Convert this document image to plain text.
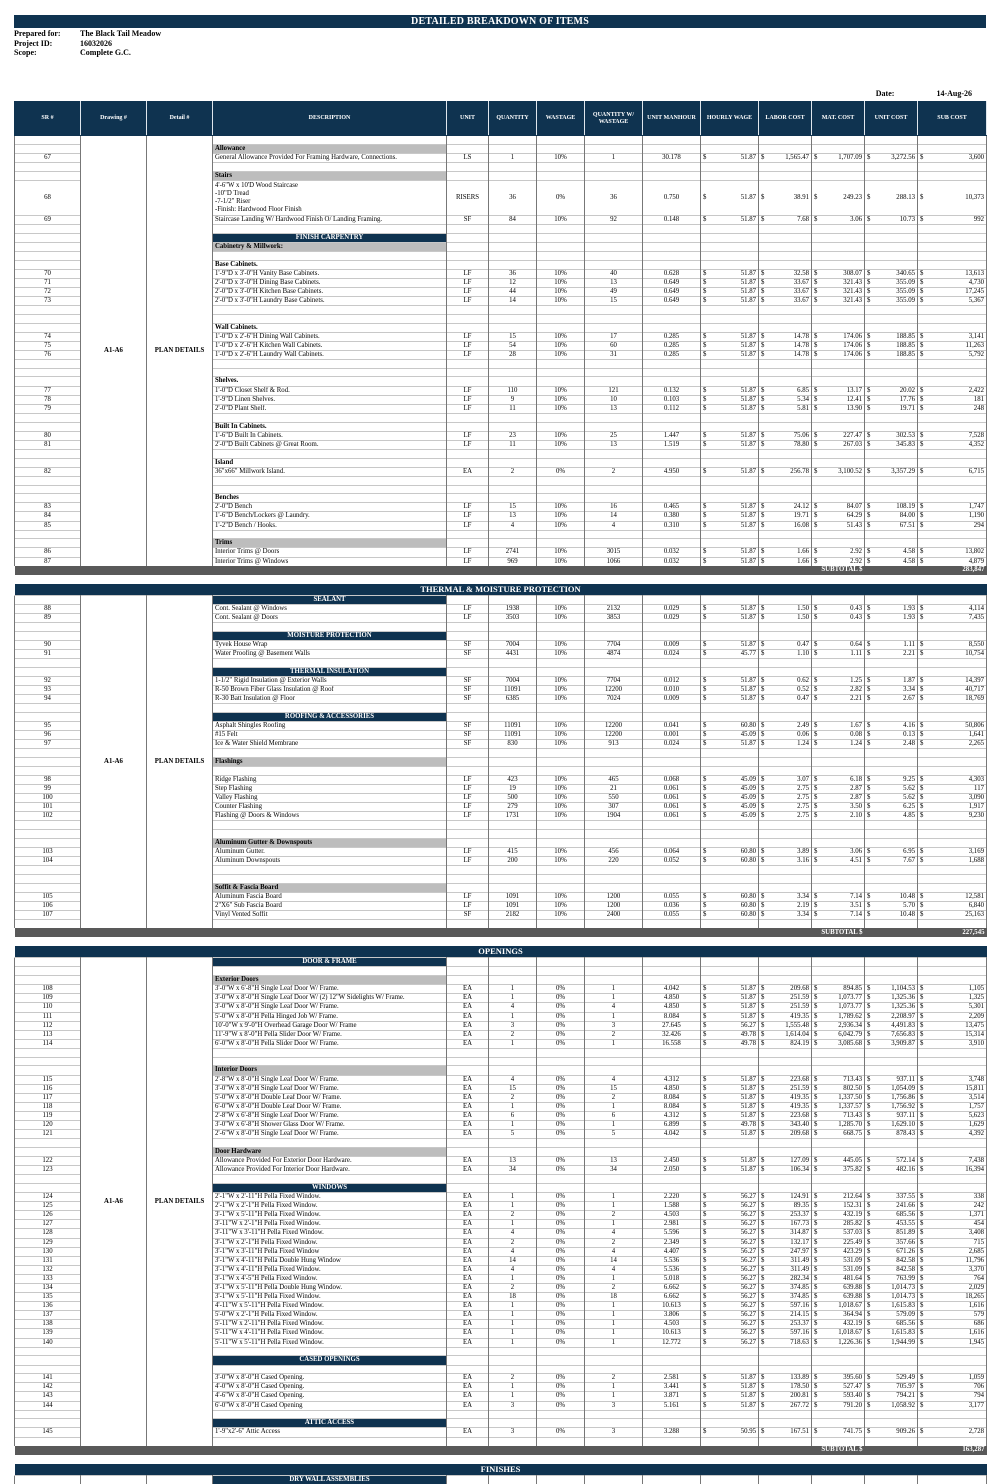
DETAILED BREAKDOWN OF ITEMS
Prepared for:	The Black Tail Meadow
Project ID:	16032026
Scope:	Complete G.C.
Date:	14-Aug-26
SR #	Drawing #	Detail #	DESCRIPTION	UNIT	QUANTITY	WASTAGE	QUANTITY W/ WASTAGE	UNIT MANHOUR	HOURLY WAGE	LABOR COST	MAT. COST	UNIT COST	SUB COST
	A1-A6	PLAN DETAILS											
			Allowance										
67			General Allowance Provided For Framing Hardware, Connections.	LS	1	10%	1	30.178	$ 51.87	$ 1,565.47	$ 1,707.09	$ 3,272.56	$ 3,600

			Stairs										
68			4'-6"W x 10'D Wood Staircase
-10"D Tread
-7-1/2" Riser
-Finish: Hardwood Floor Finish	RISERS	36	0%	36	0.750	$ 51.87	$ 38.91	$ 249.23	$ 288.13	$ 10,373

69			Staircase Landing W/ Hardwood Finish O/ Landing Framing.	SF	84	10%	92	0.148	$ 51.87	$ 7.68	$ 3.06	$ 10.73	$ 992

			FINISH CARPENTRY										
			Cabinetry & Millwork:										

			Base Cabinets.										
70			1'-9"D x 3'-0"H Vanity Base Cabinets.	LF	36	10%	40	0.628	$ 51.87	$ 32.58	$ 308.07	$ 340.65	$ 13,613

71			2'-0"D x 3'-0"H Dining Base Cabinets.	LF	12	10%	13	0.649	$ 51.87	$ 33.67	$ 321.43	$ 355.09	$ 4,730

72			2'-0"D x 3'-0"H Kitchen Base Cabinets.	LF	44	10%	49	0.649	$ 51.87	$ 33.67	$ 321.43	$ 355.09	$ 17,245

73			2'-0"D x 3'-0"H Laundry Base Cabinets.	LF	14	10%	15	0.649	$ 51.87	$ 33.67	$ 321.43	$ 355.09	$ 5,367

			Wall Cabinets.										
74			1'-0"D x 2'-6"H Dining Wall Cabinets.	LF	15	10%	17	0.285	$ 51.87	$ 14.78	$ 174.06	$ 188.85	$ 3,141

75			1'-0"D x 2'-6"H Kitchen Wall Cabinets.	LF	54	10%	60	0.285	$ 51.87	$ 14.78	$ 174.06	$ 188.85	$ 11,263

76			1'-0"D x 2'-6"H Laundry Wall Cabinets.	LF	28	10%	31	0.285	$ 51.87	$ 14.78	$ 174.06	$ 188.85	$ 5,792

			Shelves.										
77			1'-0"D Closet Shelf & Rod.	LF	110	10%	121	0.132	$ 51.87	$ 6.85	$ 13.17	$ 20.02	$ 2,422

78			1'-9"D Linen Shelves.	LF	9	10%	10	0.103	$ 51.87	$ 5.34	$ 12.41	$ 17.76	$ 181

79			2'-0"D Plant Shelf.	LF	11	10%	13	0.112	$ 51.87	$ 5.81	$ 13.90	$ 19.71	$ 248

			Built In Cabinets.										
80			1'-6"D Built In Cabinets.	LF	23	10%	25	1.447	$ 51.87	$ 75.06	$ 227.47	$ 302.53	$ 7,528

81			2'-0"D Built Cabinets @ Great Room.	LF	11	10%	13	1.519	$ 51.87	$ 78.80	$ 267.03	$ 345.83	$ 4,352

			Island										
82			36"x66" Millwork Island.	EA	2	0%	2	4.950	$ 51.87	$ 256.78	$ 3,100.52	$ 3,357.29	$ 6,715

			Benches										
83			2'-0"D Bench	LF	15	10%	16	0.465	$ 51.87	$ 24.12	$ 84.07	$ 108.19	$ 1,747

84			1'-6"D Bench/Lockers @ Laundry.	LF	13	10%	14	0.380	$ 51.87	$ 19.71	$ 64.29	$ 84.00	$ 1,190

85			1'-2"D Bench / Hooks.	LF	4	10%	4	0.310	$ 51.87	$ 16.08	$ 51.43	$ 67.51	$ 294

			Trims										
86			Interior Trims @ Doors	LF	2741	10%	3015	0.032	$ 51.87	$ 1.66	$ 2.92	$ 4.58	$ 13,802

87			Interior Trims @ Windows	LF	969	10%	1066	0.032	$ 51.87	$ 1.66	$ 2.92	$ 4.58	$ 4,879

SUBTOTAL $												283,847	

THERMAL & MOISTURE PROTECTION													
	A1-A6	PLAN DETAILS	SEALANT										
88			Cont. Sealant @ Windows	LF	1938	10%	2132	0.029	$ 51.87	$ 1.50	$ 0.43	$ 1.93	$ 4,114

89			Cont. Sealant @ Doors	LF	3503	10%	3853	0.029	$ 51.87	$ 1.50	$ 0.43	$ 1.93	$ 7,435

			MOISTURE PROTECTION										
90			Tyvek House Wrap	SF	7004	10%	7704	0.009	$ 51.87	$ 0.47	$ 0.64	$ 1.11	$ 8,550

91			Water Proofing @ Basement Walls	SF	4431	10%	4874	0.024	$ 45.77	$ 1.10	$ 1.11	$ 2.21	$ 10,754

			THERMAL INSULATION										
92			1-1/2" Rigid Insulation @ Exterior Walls	SF	7004	10%	7704	0.012	$ 51.87	$ 0.62	$ 1.25	$ 1.87	$ 14,397

93			R-50 Brown Fiber Glass Insulation @ Roof	SF	11091	10%	12200	0.010	$ 51.87	$ 0.52	$ 2.82	$ 3.34	$ 40,717

94			R-30 Batt Insulation @ Floor	SF	6385	10%	7024	0.009	$ 51.87	$ 0.47	$ 2.21	$ 2.67	$ 18,769

			ROOFING & ACCESSORIES										
95			Asphalt Shingles Roofing	SF	11091	10%	12200	0.041	$ 60.80	$ 2.49	$ 1.67	$ 4.16	$ 50,806

96			#15 Felt	SF	11091	10%	12200	0.001	$ 45.09	$ 0.06	$ 0.08	$ 0.13	$ 1,641

97			Ice & Water Shield Membrane	SF	830	10%	913	0.024	$ 51.87	$ 1.24	$ 1.24	$ 2.48	$ 2,265

			Flashings										

98			Ridge Flashing	LF	423	10%	465	0.068	$ 45.09	$ 3.07	$ 6.18	$ 9.25	$ 4,303

99			Step Flashing	LF	19	10%	21	0.061	$ 45.09	$ 2.75	$ 2.87	$ 5.62	$ 117

100			Valley Flashing	LF	500	10%	550	0.061	$ 45.09	$ 2.75	$ 2.87	$ 5.62	$ 3,090

101			Counter Flashing	LF	279	10%	307	0.061	$ 45.09	$ 2.75	$ 3.50	$ 6.25	$ 1,917

102			Flashing @ Doors & Windows	LF	1731	10%	1904	0.061	$ 45.09	$ 2.75	$ 2.10	$ 4.85	$ 9,230

			Aluminum Gutter & Downspouts										
103			Aluminum Gutter.	LF	415	10%	456	0.064	$ 60.80	$ 3.89	$ 3.06	$ 6.95	$ 3,169

104			Aluminum Downspouts	LF	200	10%	220	0.052	$ 60.80	$ 3.16	$ 4.51	$ 7.67	$ 1,688

			Soffit & Fascia Board										
105			Aluminum Fascia Board	LF	1091	10%	1200	0.055	$ 60.80	$ 3.34	$ 7.14	$ 10.48	$ 12,581

106			2"X6" Sub Fascia Board	LF	1091	10%	1200	0.036	$ 60.80	$ 2.19	$ 3.51	$ 5.70	$ 6,840

107			Vinyl Vented Soffit	SF	2182	10%	2400	0.055	$ 60.80	$ 3.34	$ 7.14	$ 10.48	$ 25,163

SUBTOTAL $												227,545	

OPENINGS													
	A1-A6	PLAN DETAILS	DOOR & FRAME										

			Exterior Doors										
108			3'-0"W x 6'-8"H Single Leaf Door W/ Frame.	EA	1	0%	1	4.042	$ 51.87	$ 209.68	$ 894.85	$ 1,104.53	$ 1,105

109			3'-0"W x 8'-0"H Single Leaf Door W/ (2) 12"W Sidelights W/ Frame.	EA	1	0%	1	4.850	$ 51.87	$ 251.59	$ 1,073.77	$ 1,325.36	$ 1,325

110			3'-0"W x 8'-0"H Single Leaf Door W/ Frame.	EA	4	0%	4	4.850	$ 51.87	$ 251.59	$ 1,073.77	$ 1,325.36	$ 5,301

111			5'-0"W x 8'-0"H Pella Hinged Job W/ Frame.	EA	1	0%	1	8.084	$ 51.87	$ 419.35	$ 1,789.62	$ 2,208.97	$ 2,209

112			10'-0"W x 9'-0"H Overhead Garage Door W/ Frame	EA	3	0%	3	27.645	$ 56.27	$ 1,555.48	$ 2,936.34	$ 4,491.83	$ 13,475

113			11'-9"W x 8'-0"H Pella Slider Door W/ Frame.	EA	2	0%	2	32.426	$ 49.78	$ 1,614.04	$ 6,042.79	$ 7,656.83	$ 15,314

114			6'-0"W x 8'-0"H Pella Slider Door W/ Frame.	EA	1	0%	1	16.558	$ 49.78	$ 824.19	$ 3,085.68	$ 3,909.87	$ 3,910

			Interior Doors										
115			2'-8"W x 8'-0"H Single Leaf Door W/ Frame.	EA	4	0%	4	4.312	$ 51.87	$ 223.68	$ 713.43	$ 937.11	$ 3,748

116			3'-0"W x 8'-0"H Single Leaf Door W/ Frame.	EA	15	0%	15	4.850	$ 51.87	$ 251.59	$ 802.50	$ 1,054.09	$ 15,811

117			5'-0"W x 8'-0"H Double Leaf Door W/ Frame.	EA	2	0%	2	8.084	$ 51.87	$ 419.35	$ 1,337.50	$ 1,756.86	$ 3,514

118			6'-0"W x 8'-0"H Double Leaf Door W/ Frame.	EA	1	0%	1	8.084	$ 51.87	$ 419.35	$ 1,337.57	$ 1,756.92	$ 1,757

119			2'-8"W x 6'-8"H Single Leaf Door W/ Frame.	EA	6	0%	6	4.312	$ 51.87	$ 223.68	$ 713.43	$ 937.11	$ 5,623

120			3'-0"W x 6'-8"H Shower Glass Door W/ Frame.	EA	1	0%	1	6.899	$ 49.78	$ 343.40	$ 1,285.70	$ 1,629.10	$ 1,629

121			2'-6"W x 8'-0"H Single Leaf Door W/ Frame.	EA	5	0%	5	4.042	$ 51.87	$ 209.68	$ 668.75	$ 878.43	$ 4,392

			Door Hardware										
122			Allowance Provided For Exterior Door Hardware.	EA	13	0%	13	2.450	$ 51.87	$ 127.09	$ 445.05	$ 572.14	$ 7,438

123			Allowance Provided For Interior Door Hardware.	EA	34	0%	34	2.050	$ 51.87	$ 106.34	$ 375.82	$ 482.16	$ 16,394

			WINDOWS										
124			2'-1"W x 2'-11"H Pella Fixed Window.	EA	1	0%	1	2.220	$ 56.27	$ 124.91	$ 212.64	$ 337.55	$ 338

125			2'-1"W x 2'-1"H Pella Fixed Window.	EA	1	0%	1	1.588	$ 56.27	$ 89.35	$ 152.31	$ 241.66	$ 242

126			3'-1"W x 5'-11"H Pella Fixed Window.	EA	2	0%	2	4.503	$ 56.27	$ 253.37	$ 432.19	$ 685.56	$ 1,371

127			3'-11"W x 2'-1"H Pella Fixed Window.	EA	1	0%	1	2.981	$ 56.27	$ 167.73	$ 285.82	$ 453.55	$ 454

128			3'-11"W x 3'-11"H Pella Fixed Window.	EA	4	0%	4	5.596	$ 56.27	$ 314.87	$ 537.03	$ 851.89	$ 3,408

129			3'-1"W x 2'-1"H Pella Fixed Window.	EA	2	0%	2	2.349	$ 56.27	$ 132.17	$ 225.49	$ 357.66	$ 715

130			3'-1"W x 3'-11"H Pella Fixed Window	EA	4	0%	4	4.407	$ 56.27	$ 247.97	$ 423.29	$ 671.26	$ 2,685

131			3'-1"W x 4'-11"H Pella Double Hung Window	EA	14	0%	14	5.536	$ 56.27	$ 311.49	$ 531.09	$ 842.58	$ 11,796

132			3'-1"W x 4'-11"H Pella Fixed Window.	EA	4	0%	4	5.536	$ 56.27	$ 311.49	$ 531.09	$ 842.58	$ 3,370

133			3'-1"W x 4'-5"H Pella Fixed Window.	EA	1	0%	1	5.018	$ 56.27	$ 282.34	$ 481.64	$ 763.99	$ 764

134			3'-1"W x 5'-11"H Pella Double Hung Window.	EA	2	0%	2	6.662	$ 56.27	$ 374.85	$ 639.88	$ 1,014.73	$ 2,029

135			3'-1"W x 5'-11"H Pella Fixed Window.	EA	18	0%	18	6.662	$ 56.27	$ 374.85	$ 639.88	$ 1,014.73	$ 18,265

136			4'-11"W x 5'-11"H Pella Fixed Window.	EA	1	0%	1	10.613	$ 56.27	$ 597.16	$ 1,018.67	$ 1,615.83	$ 1,616

137			5'-0"W x 2'-1"H Pella Fixed Window.	EA	1	0%	1	3.806	$ 56.27	$ 214.15	$ 364.94	$ 579.09	$ 579

138			5'-11"W x 2'-11"H Pella Fixed Window.	EA	1	0%	1	4.503	$ 56.27	$ 253.37	$ 432.19	$ 685.56	$ 686

139			5'-11"W x 4'-11"H Pella Fixed Window.	EA	1	0%	1	10.613	$ 56.27	$ 597.16	$ 1,018.67	$ 1,615.83	$ 1,616

140			5'-11"W x 5'-11"H Pella Fixed Window.	EA	1	0%	1	12.772	$ 56.27	$ 718.63	$ 1,226.36	$ 1,944.99	$ 1,945

			CASED OPENINGS										

141			3'-0"W x 8'-0"H Cased Opening.	EA	2	0%	2	2.581	$ 51.87	$ 133.89	$ 395.60	$ 529.49	$ 1,059

142			4'-0"W x 8'-0"H Cased Opening.	EA	1	0%	1	3.441	$ 51.87	$ 178.50	$ 527.47	$ 705.97	$ 706

143			4'-6"W x 8'-0"H Cased Opening.	EA	1	0%	1	3.871	$ 51.87	$ 200.81	$ 593.40	$ 794.21	$ 794

144			6'-0"W x 8'-0"H Cased Opening	EA	3	0%	3	5.161	$ 51.87	$ 267.72	$ 791.20	$ 1,058.92	$ 3,177

			ATTIC ACCESS										
145			1'-9"x2'-6" Attic Access	EA	3	0%	3	3.288	$ 50.95	$ 167.51	$ 741.75	$ 909.26	$ 2,728

SUBTOTAL $												163,287	

FINISHES													
			DRY WALL ASSEMBLIES										
